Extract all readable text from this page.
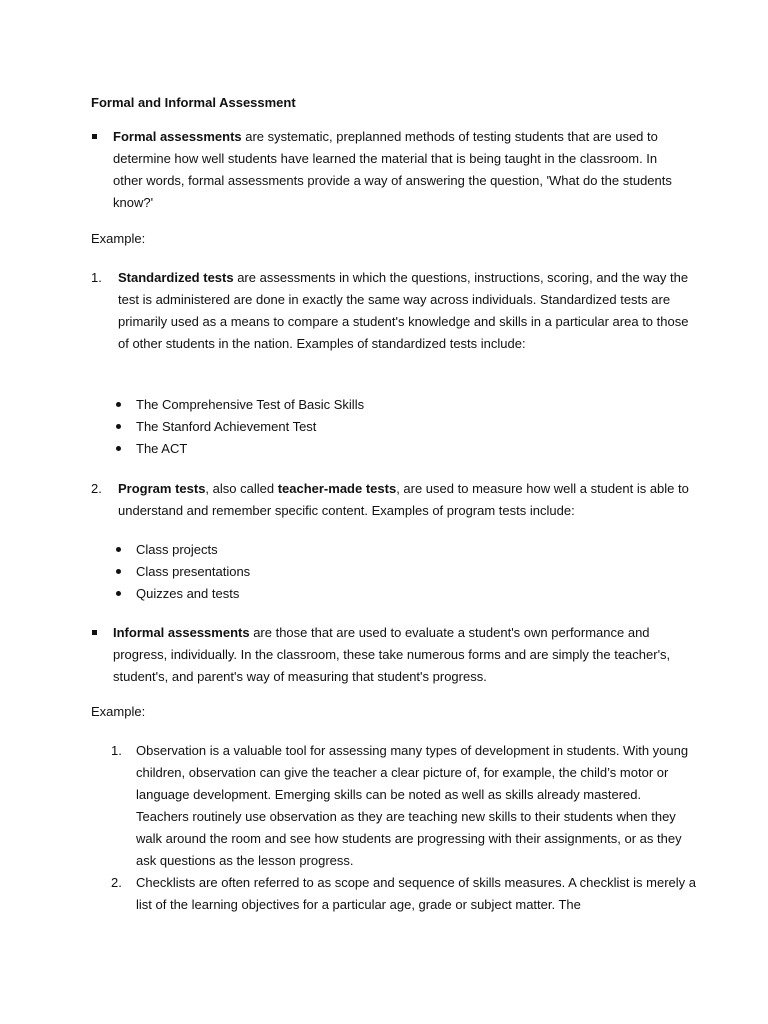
Formal and Informal Assessment

Formal assessments are systematic, preplanned methods of testing students that are used to determine how well students have learned the material that is being taught in the classroom. In other words, formal assessments provide a way of answering the question, 'What do the students know?'

Example:
1. Standardized tests are assessments in which the questions, instructions, scoring, and the way the test is administered are done in exactly the same way across individuals. Standardized tests are primarily used as a means to compare a student's knowledge and skills in a particular area to those of other students in the nation. Examples of standardized tests include:

The Comprehensive Test of Basic Skills
The Stanford Achievement Test
The ACT
2. Program tests, also called teacher-made tests, are used to measure how well a student is able to understand and remember specific content. Examples of program tests include:

Class projects
Class presentations
Quizzes and tests

Informal assessments are those that are used to evaluate a student's own performance and progress, individually. In the classroom, these take numerous forms and are simply the teacher's, student's, and parent's way of measuring that student's progress.

Example:
1. Observation is a valuable tool for assessing many types of development in students. With young children, observation can give the teacher a clear picture of, for example, the child’s motor or language development. Emerging skills can be noted as well as skills already mastered. Teachers routinely use observation as they are teaching new skills to their students when they walk around the room and see how students are progressing with their assignments, or as they ask questions as the lesson progress.

2. Checklists are often referred to as scope and sequence of skills measures. A checklist is merely a list of the learning objectives for a particular age, grade or subject matter. The
